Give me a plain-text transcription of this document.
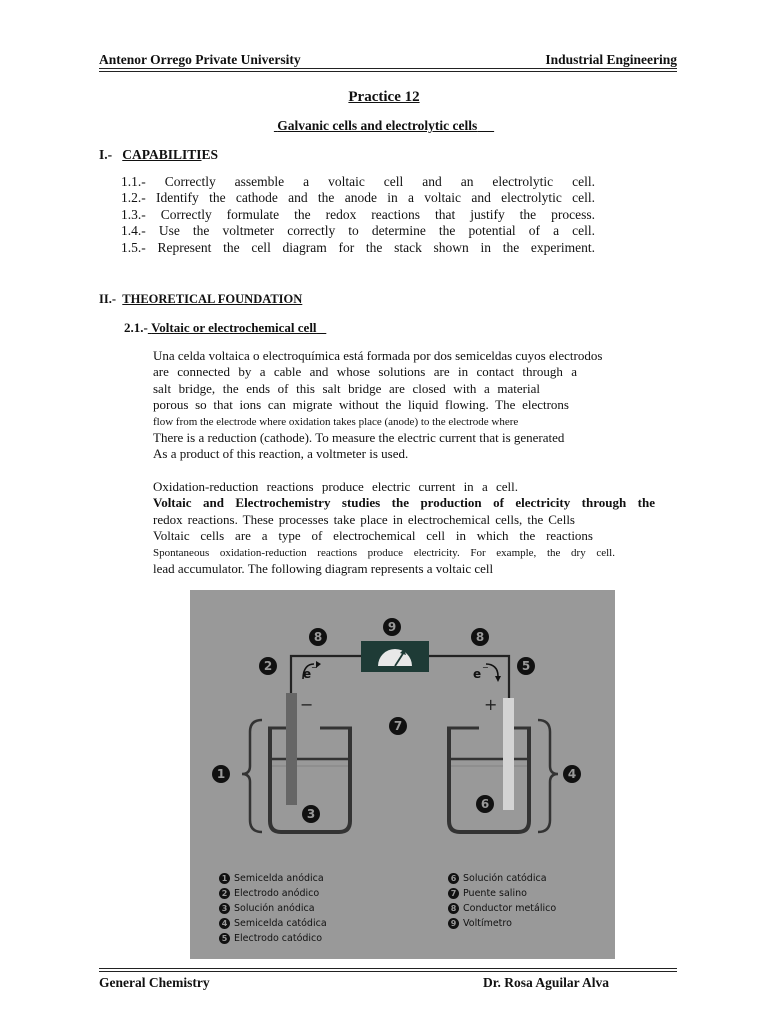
Antenor Orrego Private University	Industrial Engineering
Practice 12
Galvanic cells and electrolytic cells
I.- CAPABILITIES
1.1.- Correctly assemble a voltaic cell and an electrolytic cell.
1.2.- Identify the cathode and the anode in a voltaic and electrolytic cell.
1.3.- Correctly formulate the redox reactions that justify the process.
1.4.- Use the voltmeter correctly to determine the potential of a cell.
1.5.- Represent the cell diagram for the stack shown in the experiment.
II.- THEORETICAL FOUNDATION
2.1.- Voltaic or electrochemical cell
Una celda voltaica o electroquímica está formada por dos semiceldas cuyos electrodos
are connected by a cable and whose solutions are in contact through a
salt bridge, the ends of this salt bridge are closed with a material
porous so that ions can migrate without the liquid flowing. The electrons
flow from the electrode where oxidation takes place (anode) to the electrode where
There is a reduction (cathode). To measure the electric current that is generated
As a product of this reaction, a voltmeter is used.
Oxidation-reduction reactions produce electric current in a cell.
Voltaic and Electrochemistry studies the production of electricity through the
redox reactions. These processes take place in electrochemical cells, the Cells
Voltaic cells are a type of electrochemical cell in which the reactions
Spontaneous oxidation-reduction reactions produce electricity. For example, the dry cell.
lead accumulator. The following diagram represents a voltaic cell
e	e −
−
−	+
1
2
3
4
5
6
7
8	8
9
1 Semicelda anódica
2 Electrodo anódico
3 Solución anódica
4 Semicelda catódica
5 Electrodo catódico
6 Solución catódica
7 Puente salino
8 Conductor metálico
9 Voltímetro
General Chemistry	Dr. Rosa Aguilar Alva
